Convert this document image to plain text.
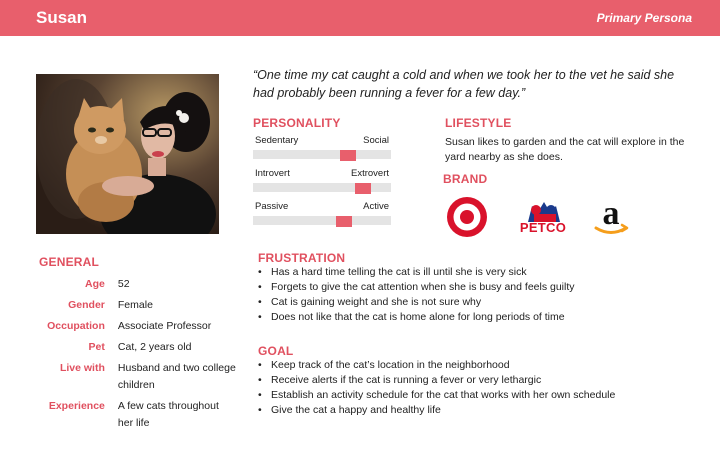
Susan	Primary Persona
“One time my cat caught a cold and when we took her to the vet he said she had probably been running a fever for a few day.”
PERSONALITY
Sedentary	Social
Introvert	Extrovert
Passive	Active
LIFESTYLE
Susan likes to garden and the cat will explore in the yard nearby as she does.
BRAND
PETCO a
GENERAL
Age 52
Gender Female
Occupation Associate Professor
Pet Cat, 2 years old
Live with Husband and two college children
Experience A few cats throughout her life
FRUSTRATION
• Has a hard time telling the cat is ill until she is very sick
• Forgets to give the cat attention when she is busy and feels guilty
• Cat is gaining weight and she is not sure why
• Does not like that the cat is home alone for long periods of time
GOAL
• Keep track of the cat’s location in the neighborhood
• Receive alerts if the cat is running a fever or very lethargic
• Establish an activity schedule for the cat that works with her own schedule
• Give the cat a happy and healthy life
